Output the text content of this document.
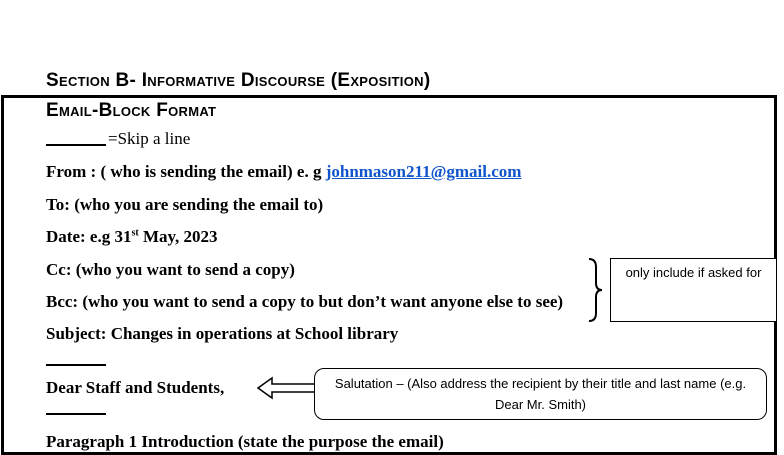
Section B- Informative Discourse (Exposition)
Email-Block Format
=Skip a line
From : ( who is sending the email) e. g johnmason211@gmail.com
To: (who you are sending the email to)
Date: e.g 31st May, 2023
Cc: (who you want to send a copy)
Bcc: (who you want to send a copy to but don’t want anyone else to see)
only include if asked for
Subject: Changes in operations at School library
Dear Staff and Students,	Salutation – (Also address the recipient by their title and last name (e.g. Dear Mr. Smith)
Paragraph 1 Introduction (state the purpose the email)
